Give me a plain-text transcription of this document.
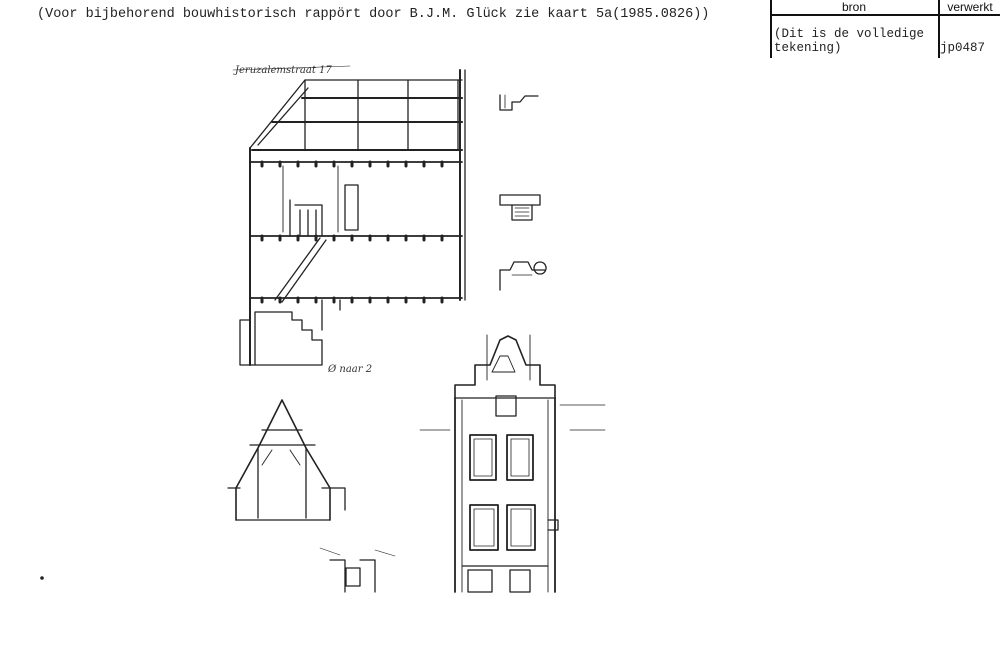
(Voor bijbehorend bouwhistorisch rappört door B.J.M. Glück zie kaart 5a(1985.0826))	bron	verwerkt
(Dit is de volledige tekening)	jp0487
Jeruzalemstraat 17
Ø naar 2
